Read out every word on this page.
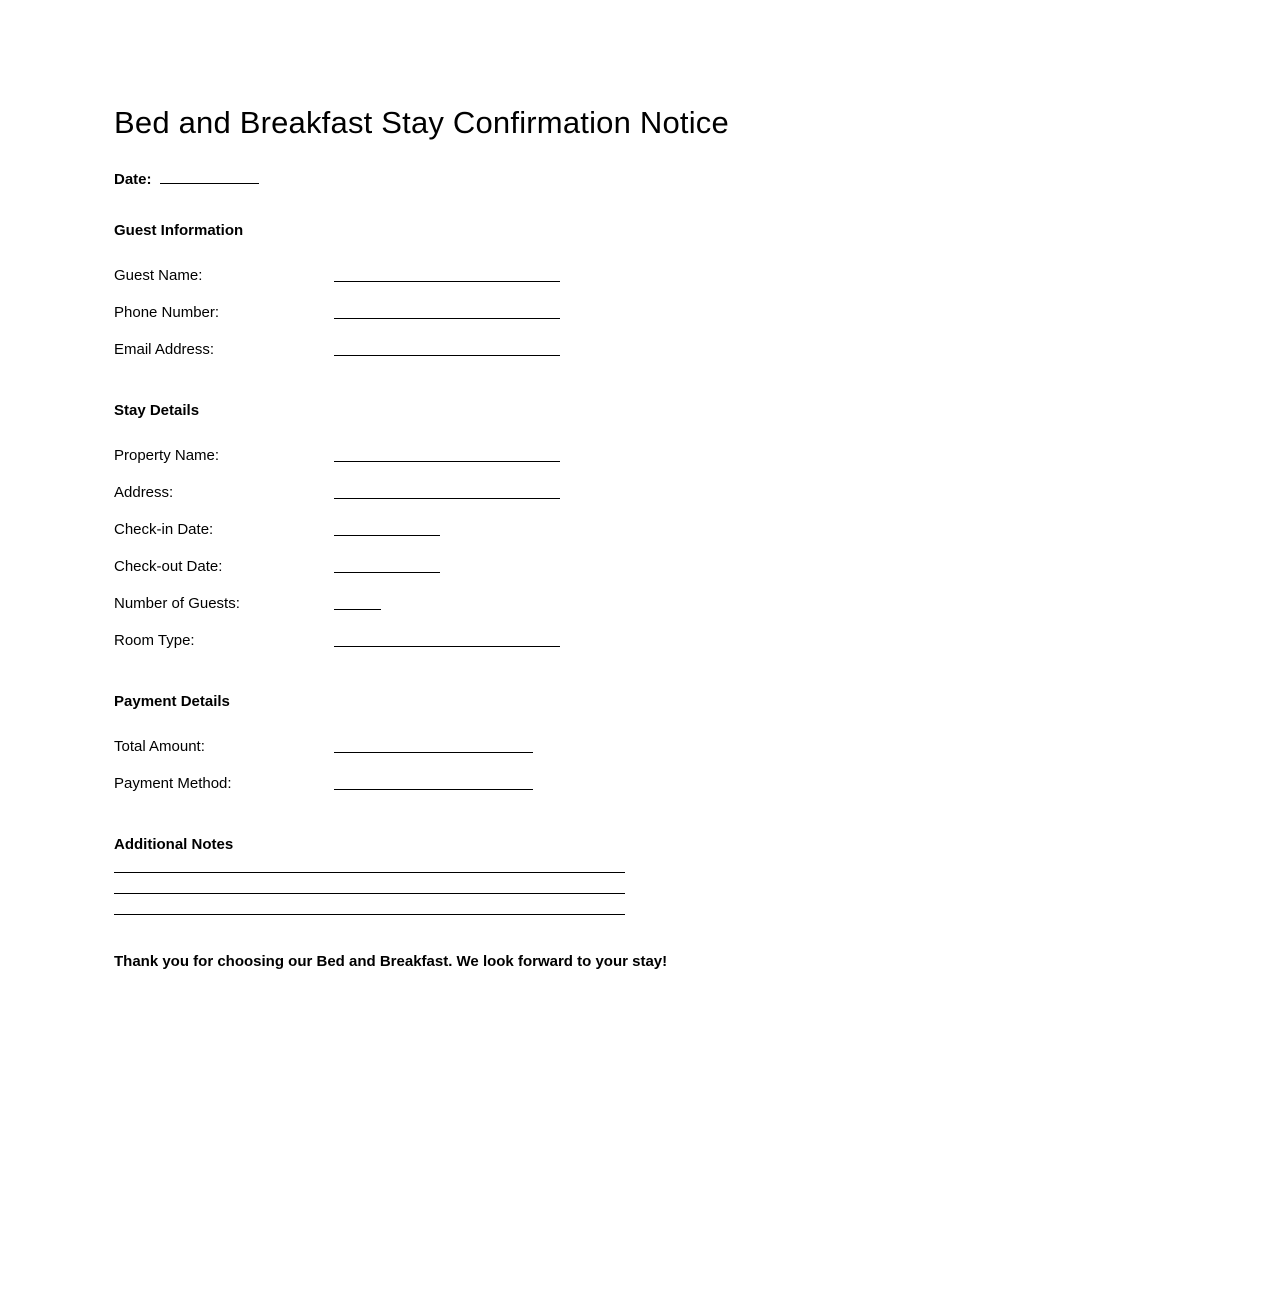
Bed and Breakfast Stay Confirmation Notice
Date:
Guest Information
Guest Name:
Phone Number:
Email Address:
Stay Details
Property Name:
Address:
Check-in Date:
Check-out Date:
Number of Guests:
Room Type:
Payment Details
Total Amount:
Payment Method:
Additional Notes
Thank you for choosing our Bed and Breakfast. We look forward to your stay!
